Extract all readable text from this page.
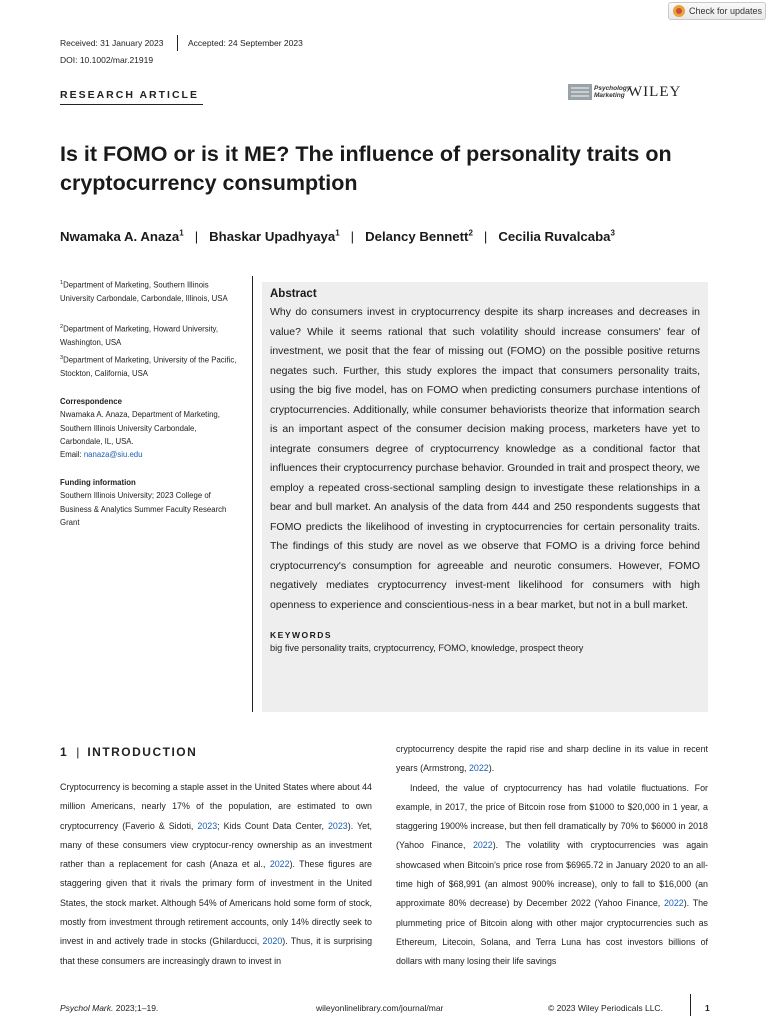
Check for updates
Received: 31 January 2023	Accepted: 24 September 2023
DOI: 10.1002/mar.21919
RESEARCH ARTICLE
Psychology Marketing WILEY
Is it FOMO or is it ME? The influence of personality traits on cryptocurrency consumption
Nwamaka A. Anaza$^1$ | Bhaskar Upadhyaya$^1$ | Delancy Bennett$^2$ | Cecilia Ruvalcaba$^3$
$^1$Department of Marketing, Southern Illinois University Carbondale, Carbondale, Illinois, USA
$^2$Department of Marketing, Howard University, Washington, USA
$^3$Department of Marketing, University of the Pacific, Stockton, California, USA
Correspondence
Nwamaka A. Anaza, Department of Marketing, Southern Illinois University Carbondale, Carbondale, IL, USA.
Email: nanaza@siu.edu
Funding information
Southern Illinois University; 2023 College of Business & Analytics Summer Faculty Research Grant
Abstract
Why do consumers invest in cryptocurrency despite its sharp increases and decreases in value? While it seems rational that such volatility should increase consumers' fear of investment, we posit that the fear of missing out (FOMO) on the possible positive returns negates such. Further, this study explores the impact that consumers personality traits, using the big five model, has on FOMO when predicting consumers purchase intentions of cryptocurrencies. Additionally, while consumer behaviorists theorize that information search is an important aspect of the consumer decision making process, marketers have yet to integrate consumers degree of cryptocurrency knowledge as a conditional factor that influences their cryptocurrency purchase behavior. Grounded in trait and prospect theory, we employ a repeated cross-sectional sampling design to investigate these relationships in a bear and bull market. An analysis of the data from 444 and 250 respondents suggests that FOMO predicts the likelihood of investing in cryptocurrencies for certain personality traits. The findings of this study are novel as we observe that FOMO is a driving force behind cryptocurrency's consumption for agreeable and neurotic consumers. However, FOMO negatively mediates cryptocurrency invest-ment likelihood for consumers with high openness to experience and conscientious-ness in a bear market, but not in a bull market.
KEYWORDS
big five personality traits, cryptocurrency, FOMO, knowledge, prospect theory
1 | INTRODUCTION

Cryptocurrency is becoming a staple asset in the United States where about 44 million Americans, nearly 17% of the population, are estimated to own cryptocurrency (Faverio & Sidoti, 2023; Kids Count Data Center, 2023). Yet, many of these consumers view cryptocur-rency ownership as an investment rather than a replacement for cash (Anaza et al., 2022). These figures are staggering given that it rivals the primary form of investment in the United States, the stock market. Although 54% of Americans hold some form of stock, mostly from investment through retirement accounts, only 14% directly seek to invest in and actively trade in stocks (Ghilarducci, 2020). Thus, it is surprising that these consumers are increasingly drawn to invest in

cryptocurrency despite the rapid rise and sharp decline in its value in recent years (Armstrong, 2022).

Indeed, the value of cryptocurrency has had volatile fluctuations. For example, in 2017, the price of Bitcoin rose from $1000 to $20,000 in 1 year, a staggering 1900% increase, but then fell dramatically by 70% to $6000 in 2018 (Yahoo Finance, 2022). The volatility with cryptocurrencies was again showcased when Bitcoin's price rose from $6965.72 in January 2020 to an all-time high of $68,991 (an almost 900% increase), only to fall to $16,000 (an approximate 80% decrease) by December 2022 (Yahoo Finance, 2022). The plummeting price of Bitcoin along with other major cryptocurrencies such as Ethereum, Litecoin, Solana, and Terra Luna has cost investors billions of dollars with many losing their life savings

Psychol Mark. 2023;1–19.	wileyonlinelibrary.com/journal/mar	© 2023 Wiley Periodicals LLC.	1
